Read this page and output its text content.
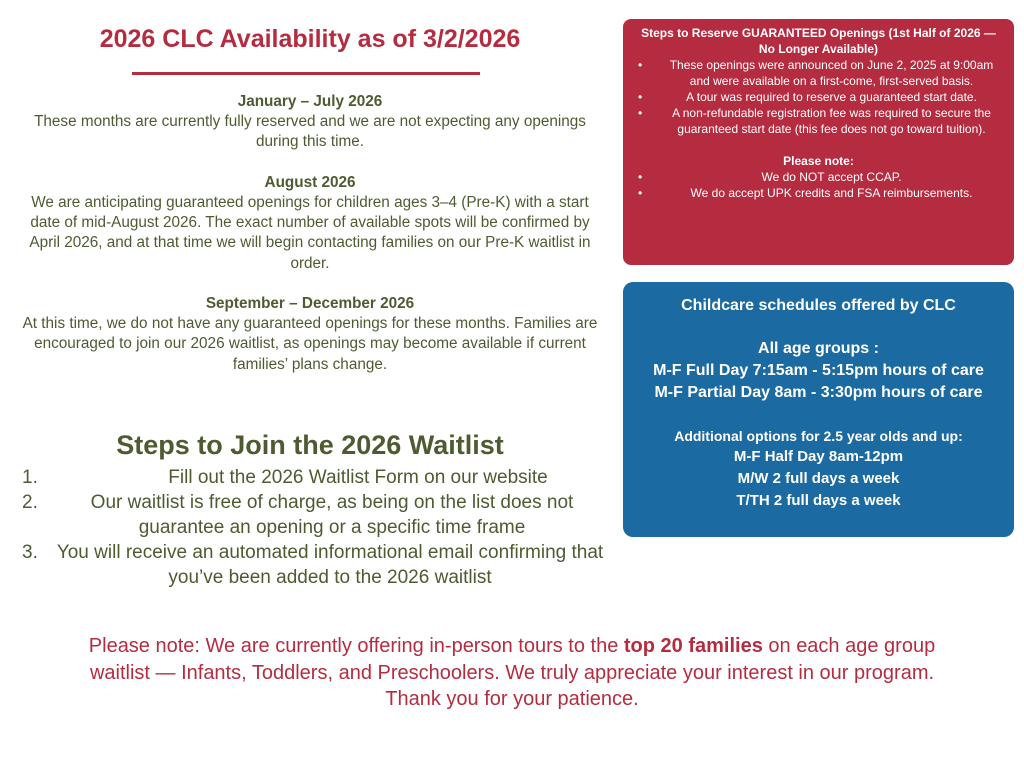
2026 CLC Availability as of 3/2/2026
January – July 2026

These months are currently fully reserved and we are not expecting any openings during this time.

August 2026

We are anticipating guaranteed openings for children ages 3–4 (Pre-K) with a start date of mid-August 2026. The exact number of available spots will be confirmed by April 2026, and at that time we will begin contacting families on our Pre-K waitlist in order.

September – December 2026

At this time, we do not have any guaranteed openings for these months. Families are encouraged to join our 2026 waitlist, as openings may become available if current families’ plans change.

Steps to Join the 2026 Waitlist
1.	Fill out the 2026 Waitlist Form on our website
2.	Our waitlist is free of charge, as being on the list does not guarantee an opening or a specific time frame
3. You will receive an automated informational email confirming that you’ve been added to the 2026 waitlist

Please note: We are currently offering in-person tours to the top 20 families on each age group waitlist — Infants, Toddlers, and Preschoolers. We truly appreciate your interest in our program. Thank you for your patience.

Steps to Reserve GUARANTEED Openings (1st Half of 2026 — No Longer Available)
•	These openings were announced on June 2, 2025 at 9:00am and were available on a first-come, first-served basis.
•	A tour was required to reserve a guaranteed start date.
•	A non-refundable registration fee was required to secure the guaranteed start date (this fee does not go toward tuition).

Please note:

•	We do NOT accept CCAP.
•	We do accept UPK credits and FSA reimbursements.

Childcare schedules offered by CLC

All age groups :

M-F Full Day 7:15am - 5:15pm hours of care

M-F Partial Day 8am - 3:30pm hours of care

Additional options for 2.5 year olds and up:

M-F Half Day 8am-12pm

M/W 2 full days a week

T/TH 2 full days a week
